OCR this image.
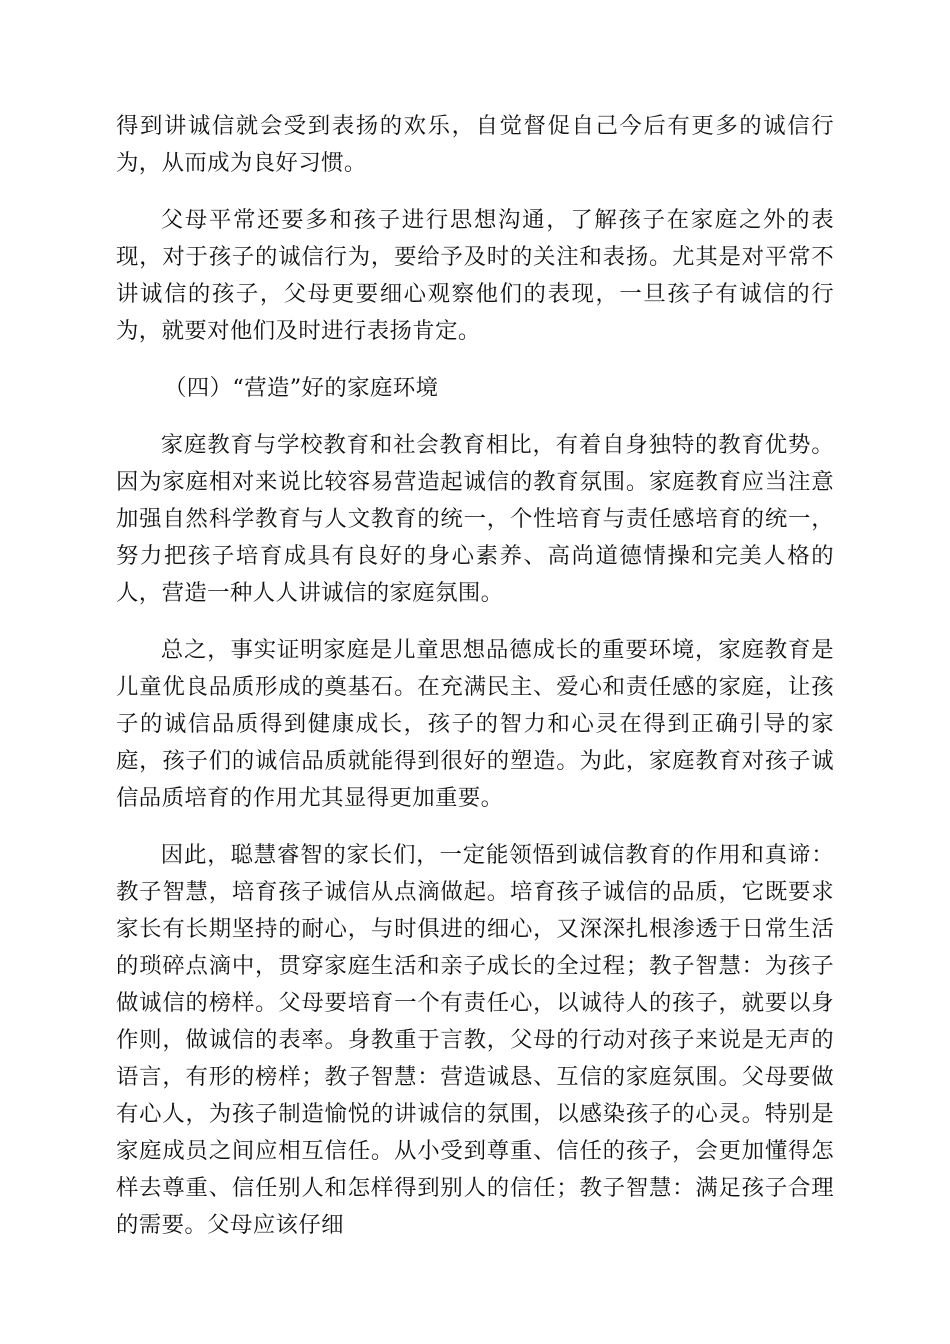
得到讲诚信就会受到表扬的欢乐，自觉督促自己今后有更多的诚信行为，从而成为良好习惯。

父母平常还要多和孩子进行思想沟通，了解孩子在家庭之外的表现，对于孩子的诚信行为，要给予及时的关注和表扬。尤其是对平常不讲诚信的孩子，父母更要细心观察他们的表现，一旦孩子有诚信的行为，就要对他们及时进行表扬肯定。

（四）“营造”好的家庭环境

家庭教育与学校教育和社会教育相比，有着自身独特的教育优势。因为家庭相对来说比较容易营造起诚信的教育氛围。家庭教育应当注意加强自然科学教育与人文教育的统一，个性培育与责任感培育的统一，努力把孩子培育成具有良好的身心素养、高尚道德情操和完美人格的人，营造一种人人讲诚信的家庭氛围。

总之，事实证明家庭是儿童思想品德成长的重要环境，家庭教育是儿童优良品质形成的奠基石。在充满民主、爱心和责任感的家庭，让孩子的诚信品质得到健康成长，孩子的智力和心灵在得到正确引导的家庭，孩子们的诚信品质就能得到很好的塑造。为此，家庭教育对孩子诚信品质培育的作用尤其显得更加重要。

因此，聪慧睿智的家长们，一定能领悟到诚信教育的作用和真谛：教子智慧，培育孩子诚信从点滴做起。培育孩子诚信的品质，它既要求家长有长期坚持的耐心，与时俱进的细心，又深深扎根渗透于日常生活的琐碎点滴中，贯穿家庭生活和亲子成长的全过程；教子智慧：为孩子做诚信的榜样。父母要培育一个有责任心，以诚待人的孩子，就要以身作则，做诚信的表率。身教重于言教，父母的行动对孩子来说是无声的语言，有形的榜样；教子智慧：营造诚恳、互信的家庭氛围。父母要做有心人，为孩子制造愉悦的讲诚信的氛围，以感染孩子的心灵。特别是家庭成员之间应相互信任。从小受到尊重、信任的孩子，会更加懂得怎样去尊重、信任别人和怎样得到别人的信任；教子智慧：满足孩子合理的需要。父母应该仔细
